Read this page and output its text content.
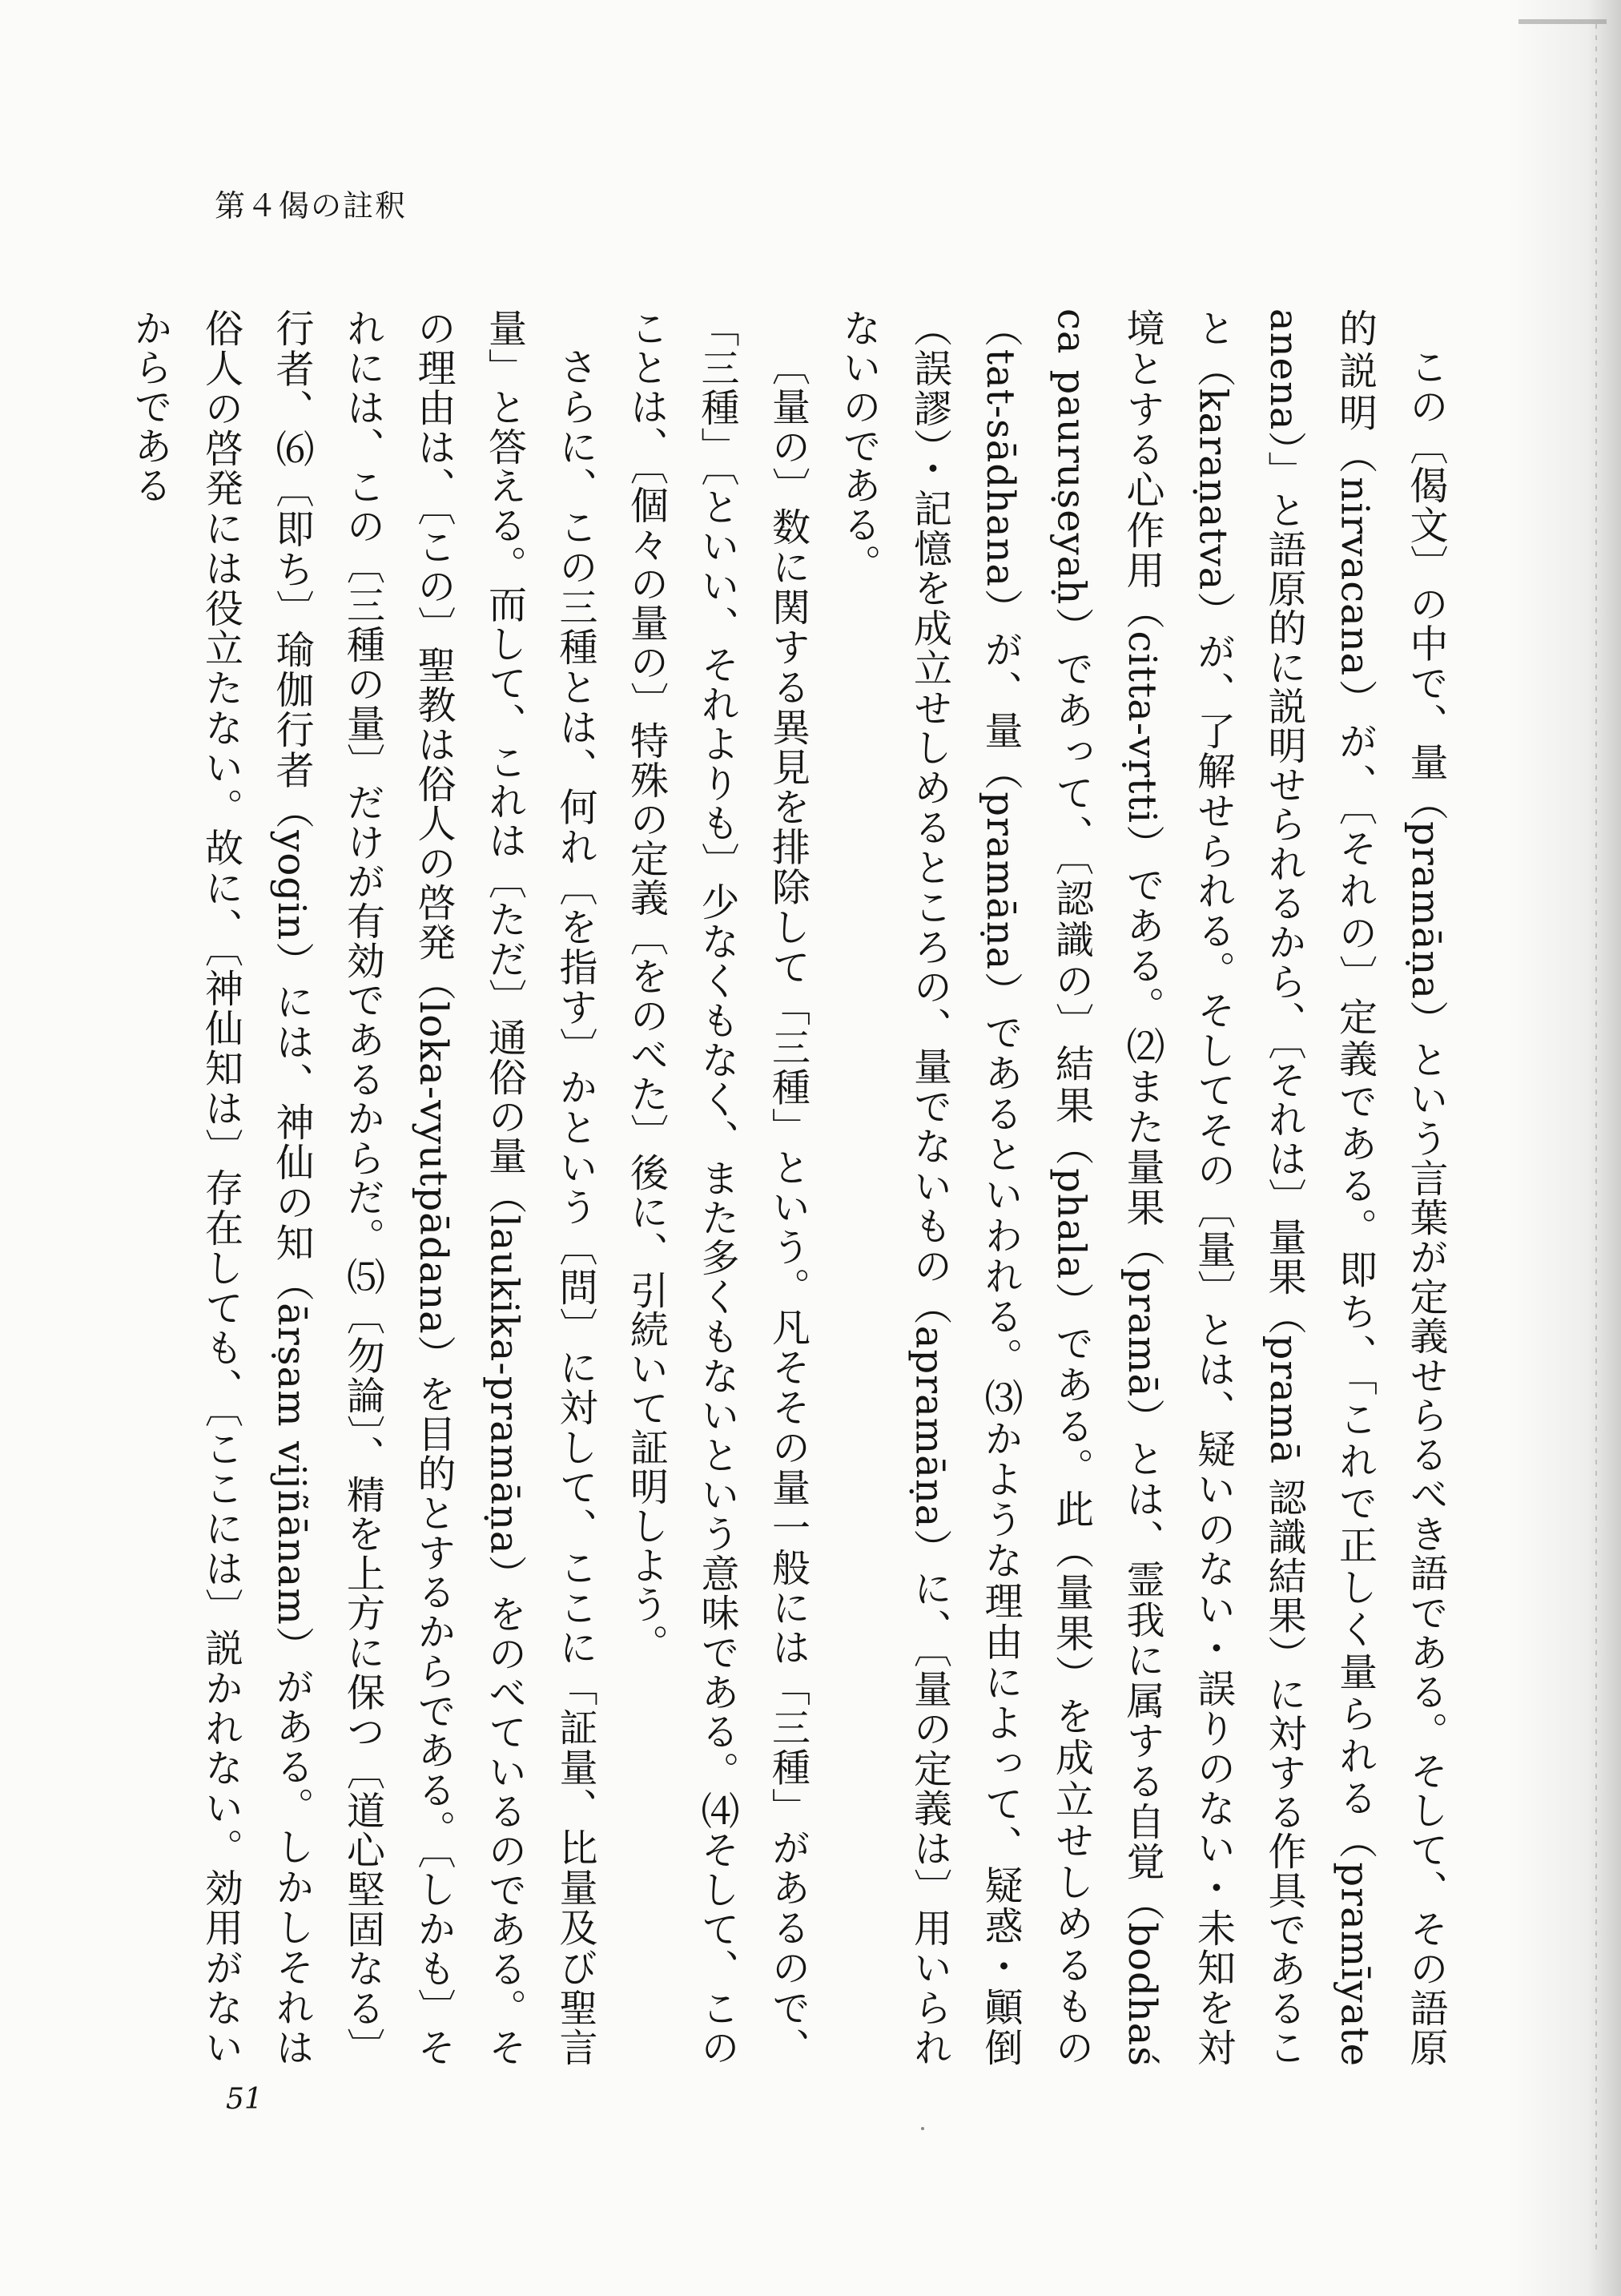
第４偈の註釈

この〔偈文〕の中で、量（pramāṇa）という言葉が定義せらるべき語である。そして、その語原的説明（nirvacana）が、〔それの〕定義である。即ち、「これで正しく量られる（pramīyate anena）」と語原的に説明せられるから、〔それは〕量果（pramā 認識結果）に対する作具であること（karaṇatva）が、了解せられる。そしてその〔量〕とは、疑いのない・誤りのない・未知を対境とする心作用（citta-vṛtti）である。⑵また量果（pramā）とは、霊我に属する自覚（bodhaś ca pauruṣeyaḥ）であって、〔認識の〕結果（phala）である。此（量果）を成立せしめるもの（tat-sādhana）が、量（pramāṇa）であるといわれる。⑶かような理由によって、疑惑・顚倒（誤謬）・記憶を成立せしめるところの、量でないもの（apramāṇa）に、〔量の定義は〕用いられないのである。

〔量の〕数に関する異見を排除して「三種」という。凡そその量一般には「三種」があるので、「三種」〔といい、それよりも〕少なくもなく、また多くもないという意味である。⑷そして、このことは、〔個々の量の〕特殊の定義〔をのべた〕後に、引続いて証明しよう。

さらに、この三種とは、何れ〔を指す〕かという〔問〕に対して、ここに「証量、比量及び聖言量」と答える。而して、これは〔ただ〕通俗の量（laukika-pramāṇa）をのべているのである。その理由は、〔この〕聖教は俗人の啓発（loka-vyutpādana）を目的とするからである。〔しかも〕それには、この〔三種の量〕だけが有効であるからだ。⑸〔勿論〕、精を上方に保つ〔道心堅固なる〕行者、⑹〔即ち〕瑜伽行者（yogin）には、神仙の知（ārṣam vijñānam）がある。しかしそれは俗人の啓発には役立たない。故に、〔神仙知は〕存在しても、〔ここには〕説かれない。効用がないからである

51
